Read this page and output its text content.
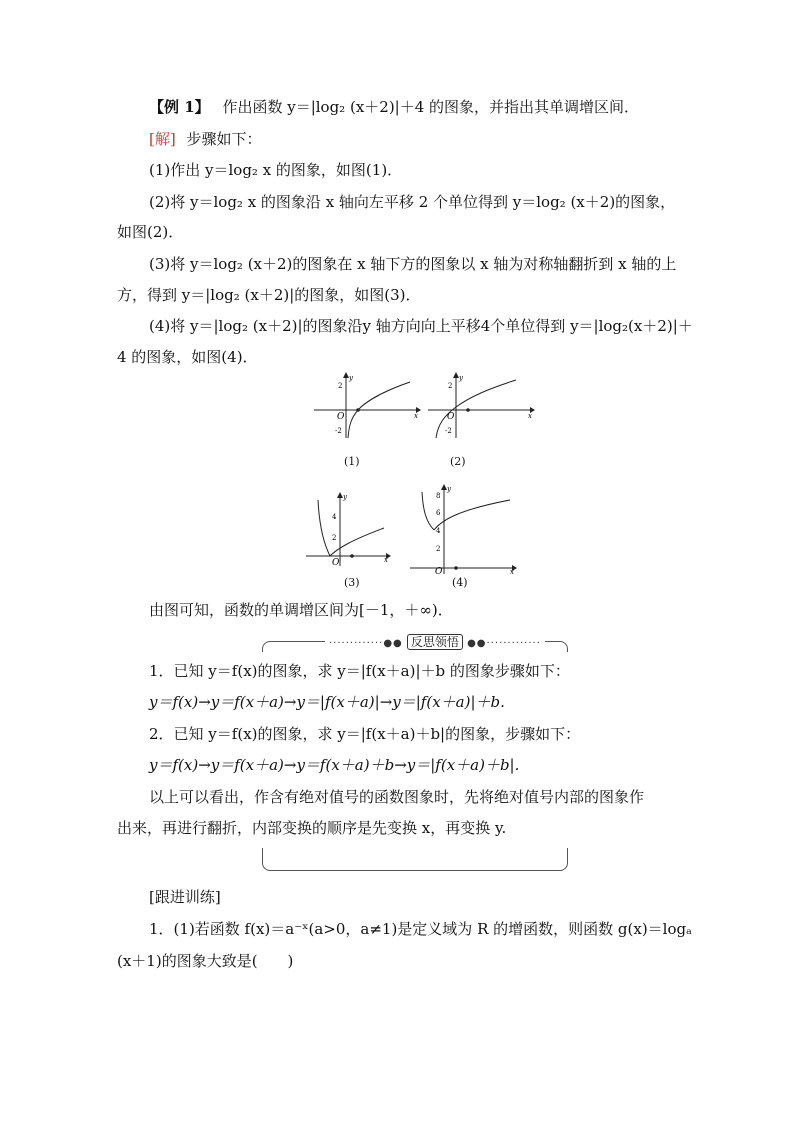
【例 1】 作出函数 y＝|log₂ (x＋2)|＋4 的图象，并指出其单调增区间．
[解] 步骤如下：
(1)作出 y＝log₂ x 的图象，如图(1)．
(2)将 y＝log₂ x 的图象沿 x 轴向左平移 2 个单位得到 y＝log₂ (x＋2)的图象，
如图(2)．
(3)将 y＝log₂ (x＋2)的图象在 x 轴下方的图象以 x 轴为对称轴翻折到 x 轴的上
方，得到 y＝|log₂ (x＋2)|的图象，如图(3)．
(4)将 y＝|log₂ (x＋2)|的图象沿y 轴方向向上平移4个单位得到 y＝|log₂(x＋2)|＋
4 的图象，如图(4)．
2
-2
O	x
y
(1)
2
-2
O	x
y
(2)
4
2
O	x
y
(3)
8
6
4
2
O	x
y
(4)
由图可知，函数的单调增区间为[－1，＋∞)．
·············●● 反思领悟 ●●·············
1．已知 y＝f(x)的图象，求 y＝|f(x＋a)|＋b 的图象步骤如下：
y＝f(x)→y＝f(x＋a)→y＝|f(x＋a)|→y＝|f(x＋a)|＋b.
2．已知 y＝f(x)的图象，求 y＝|f(x＋a)＋b|的图象，步骤如下：
y＝f(x)→y＝f(x＋a)→y＝f(x＋a)＋b→y＝|f(x＋a)＋b|.
以上可以看出，作含有绝对值号的函数图象时，先将绝对值号内部的图象作
出来，再进行翻折，内部变换的顺序是先变换 x，再变换 y.
[跟进训练]
1．(1)若函数 f(x)＝a⁻ˣ(a>0，a≠1)是定义域为 R 的增函数，则函数 g(x)＝logₐ
(x＋1)的图象大致是(　　)
